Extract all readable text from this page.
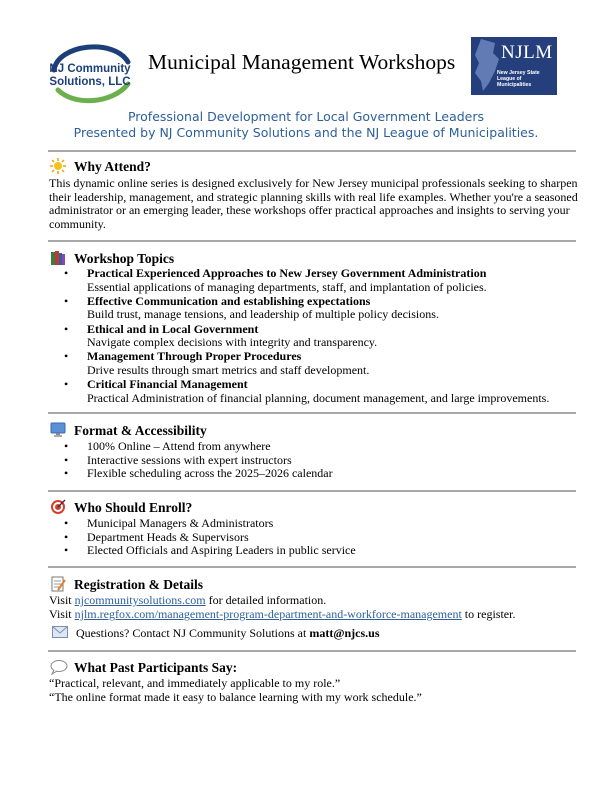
NJ Community
Solutions, LLC
Municipal Management Workshops NJLM
New Jersey State League of Municipalities
Professional Development for Local Government Leaders
Presented by NJ Community Solutions and the NJ League of Municipalities.
Why Attend?
This dynamic online series is designed exclusively for New Jersey municipal professionals seeking to sharpen their leadership, management, and strategic planning skills with real life examples. Whether you're a seasoned administrator or an emerging leader, these workshops offer practical approaches and insights to serving your community.
Workshop Topics
• Practical Experienced Approaches to New Jersey Government Administration
Essential applications of managing departments, staff, and implantation of policies.
• Effective Communication and establishing expectations
Build trust, manage tensions, and leadership of multiple policy decisions.
• Ethical and in Local Government
Navigate complex decisions with integrity and transparency.
• Management Through Proper Procedures
Drive results through smart metrics and staff development.
• Critical Financial Management
Practical Administration of financial planning, document management, and large improvements.
Format & Accessibility
• 100% Online – Attend from anywhere
• Interactive sessions with expert instructors
• Flexible scheduling across the 2025–2026 calendar
Who Should Enroll?
• Municipal Managers & Administrators
• Department Heads & Supervisors
• Elected Officials and Aspiring Leaders in public service
Registration & Details
Visit njcommunitysolutions.com for detailed information.
Visit njlm.regfox.com/management-program-department-and-workforce-management to register.
Questions? Contact NJ Community Solutions at matt@njcs.us
What Past Participants Say:
“Practical, relevant, and immediately applicable to my role.”
“The online format made it easy to balance learning with my work schedule.”
